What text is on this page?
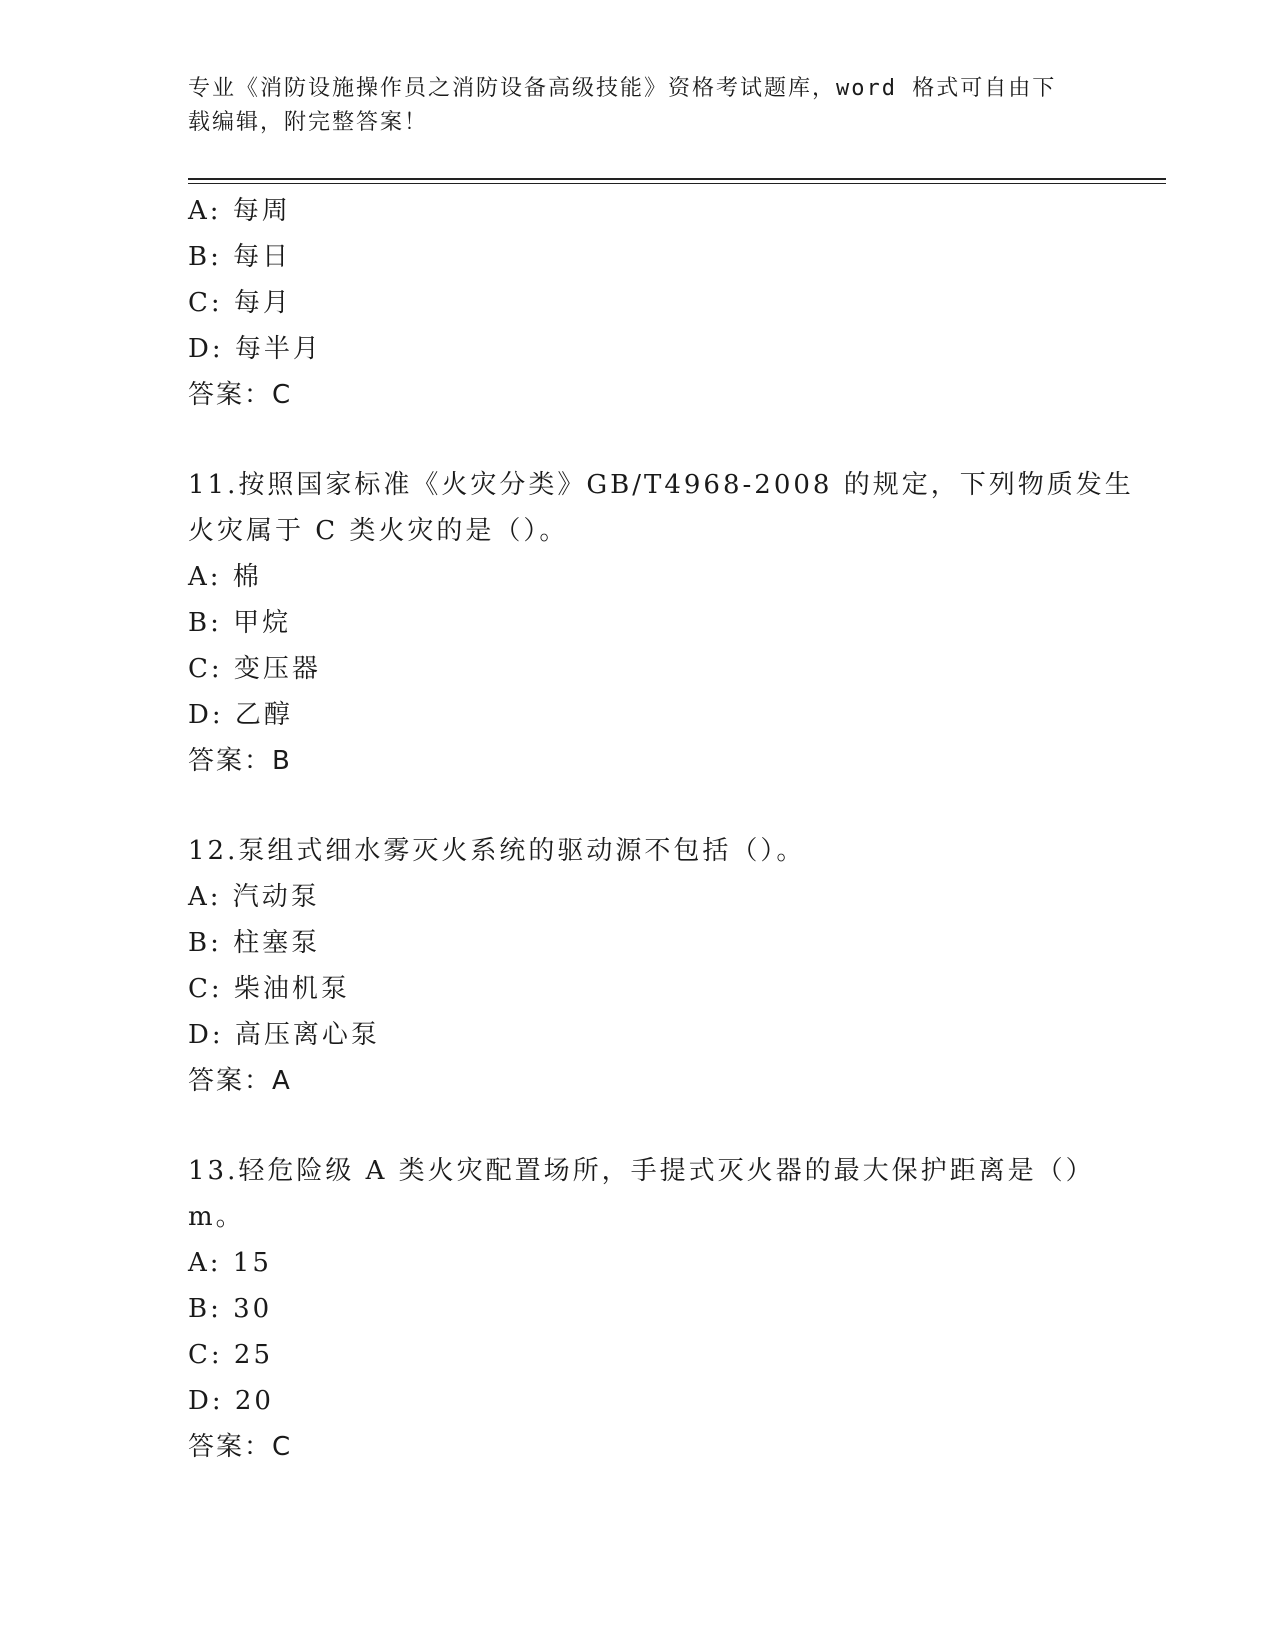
专业《消防设施操作员之消防设备高级技能》资格考试题库，word 格式可自由下
载编辑，附完整答案！
A: 每周
B: 每日
C: 每月
D: 每半月
答案：C
11.按照国家标准《火灾分类》GB/T4968-2008 的规定，下列物质发生
火灾属于 C 类火灾的是（）。
A: 棉
B: 甲烷
C: 变压器
D: 乙醇
答案：B
12.泵组式细水雾灭火系统的驱动源不包括（）。
A: 汽动泵
B: 柱塞泵
C: 柴油机泵
D: 高压离心泵
答案：A
13.轻危险级 A 类火灾配置场所，手提式灭火器的最大保护距离是（）
m。
A: 15
B: 30
C: 25
D: 20
答案：C
